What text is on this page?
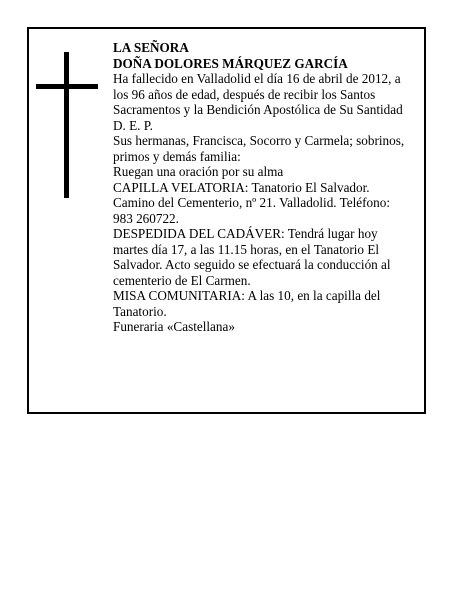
LA SEÑORA

DOÑA DOLORES MÁRQUEZ GARCÍA

Ha fallecido en Valladolid el día 16 de abril de 2012, a

los 96 años de edad, después de recibir los Santos

Sacramentos y la Bendición Apostólica de Su Santidad

D. E. P.

Sus hermanas, Francisca, Socorro y Carmela; sobrinos,

primos y demás familia:

Ruegan una oración por su alma

CAPILLA VELATORIA: Tanatorio El Salvador.

Camino del Cementerio, nº 21. Valladolid. Teléfono:

983 260722.

DESPEDIDA DEL CADÁVER: Tendrá lugar hoy

martes día 17, a las 11.15 horas, en el Tanatorio El

Salvador. Acto seguido se efectuará la conducción al

cementerio de El Carmen.

MISA COMUNITARIA: A las 10, en la capilla del

Tanatorio.

Funeraria «Castellana»
